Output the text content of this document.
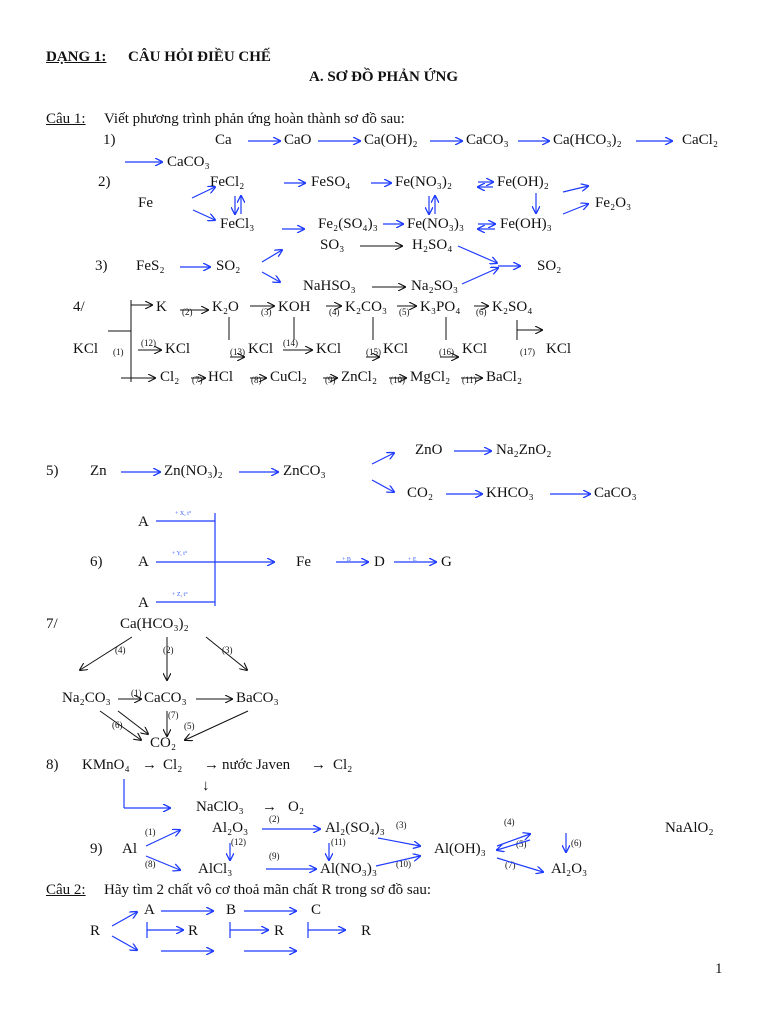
DẠNG 1: CÂU HỎI ĐIỀU CHẾ
A. SƠ ĐỒ PHẢN ỨNG
Câu 1: Viết phương trình phản ứng hoàn thành sơ đồ sau:
1)	Ca	CaO	Ca(OH)₂	CaCO₃	Ca(HCO₃)₂	CaCl₂
CaCO₃
2)
Fe
FeCl₂
FeCl₃
FeSO₄	Fe(NO₃)₂	Fe(OH)₂
Fe₂(SO₄)₃ Fe(NO₃)₃ Fe(OH)₃
Fe₂O₃
SO₃	H₂SO₄
3) FeS₂	SO₂
NaHSO₃	Na₂SO₃
SO₂
4/	K	K₂O	KOH K₂CO₃ K₃PO₄ K₂SO₄
(2)	(3)	(4)	(5)	(6)
KCl (1)
(12) KCl	(13) KCl (14) KCl	(15) KCl	(16) KCl	(17) KCl
Cl₂ (7) HCl (8) CuCl₂ (9) ZnCl₂ (10) MgCl₂ (11) BaCl₂
ZnO	Na₂ZnO₂
5) Zn	Zn(NO₃)₂	ZnCO₃
CO₂	KHCO₃	CaCO₃
A	+ X, t°
6) A	+ Y, t°	Fe	+ B D	+ E G
A	+ Z, t°
7/	Ca(HCO₃)₂
(4)	(2)	(3)
Na₂CO₃ (1) CaCO₃	BaCO₃
(6)
(7)
(5)
CO₂
8) KMnO₄ → Cl₂ → nước Javen → Cl₂
↓
NaClO₃ → O₂
Al₂O₃
(2)
Al₂(SO₄)₃ (3)	(4)	NaAlO₂
(1)
(12)	(11)	(6)
(5)
9) Al	Al(OH)₃
(8)
(9)
(10)	(7)
AlCl₃	Al(NO₃)₃	Al₂O₃
Câu 2: Hãy tìm 2 chất vô cơ thoả mãn chất R trong sơ đồ sau:
A	B	C
R	R	R	R
1
